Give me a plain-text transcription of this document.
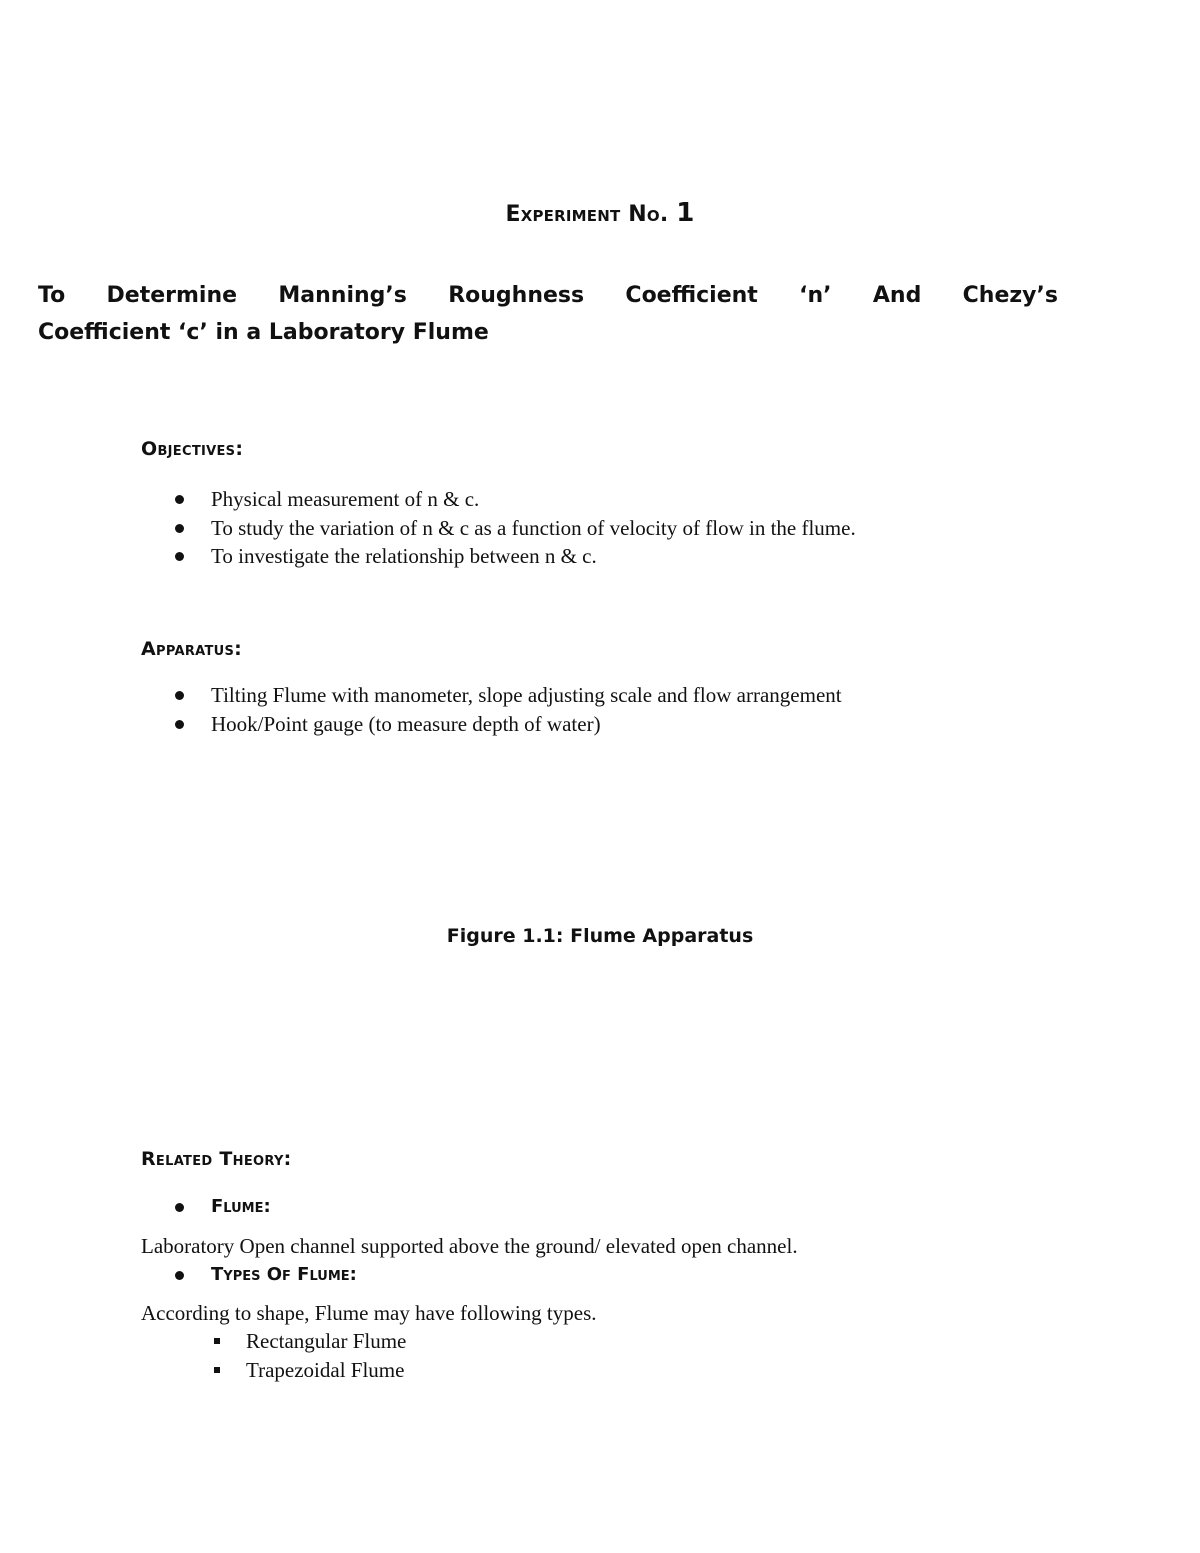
Experiment No. 1
To Determine Manning’s Roughness Coefficient ‘n’ And Chezy’s
Coefficient ‘c’ in a Laboratory Flume
Objectives:
Physical measurement of n & c.
To study the variation of n & c as a function of velocity of flow in the flume.
To investigate the relationship between n & c.
Apparatus:
Tilting Flume with manometer, slope adjusting scale and flow arrangement
Hook/Point gauge (to measure depth of water)
Figure 1.1: Flume Apparatus
Related Theory:
Flume:
Laboratory Open channel supported above the ground/ elevated open channel.
Types Of Flume:
According to shape, Flume may have following types.
Rectangular Flume
Trapezoidal Flume
